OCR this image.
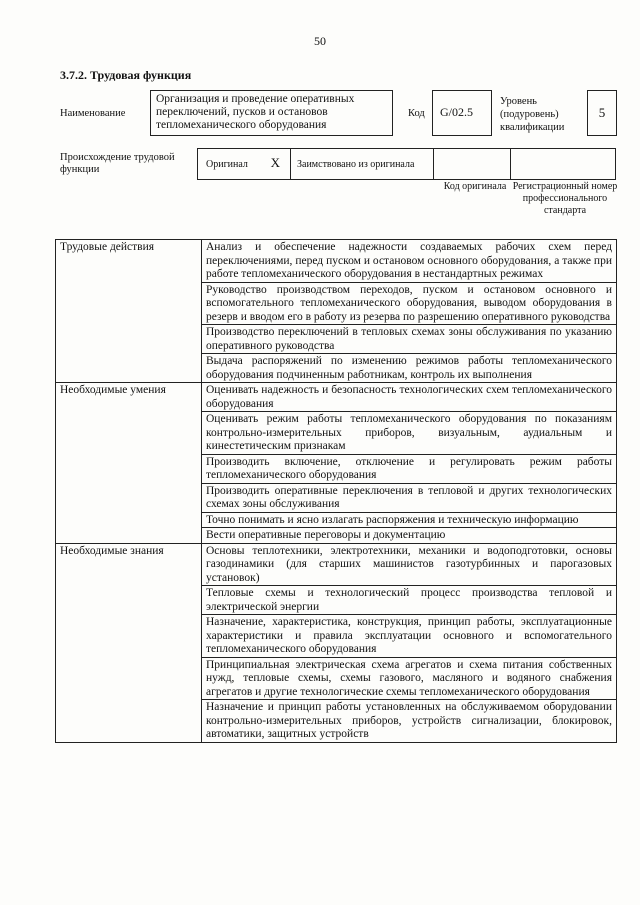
50
3.7.2. Трудовая функция
Наименование
Организация и проведение оперативных переключений, пусков и остановов тепломеханического оборудования
Код	G/02.5
Уровень (подуровень) квалификации
5
Происхождение трудовой функции	Оригинал X	Заимствовано из оригинала
Код оригинала Регистрационный номер профессионального стандарта
Трудовые действия	Анализ и обеспечение надежности создаваемых рабочих схем перед переключениями, перед пуском и остановом основного оборудования, а также при работе тепломеханического оборудования в нестандартных режимах
	Руководство производством переходов, пуском и остановом основного и вспомогательного тепломеханического оборудования, выводом оборудования в резерв и вводом его в работу из резерва по разрешению оперативного руководства
	Производство переключений в тепловых схемах зоны обслуживания по указанию оперативного руководства
	Выдача распоряжений по изменению режимов работы тепломеханического оборудования подчиненным работникам, контроль их выполнения
Необходимые умения	Оценивать надежность и безопасность технологических схем тепломеханического оборудования
	Оценивать режим работы тепломеханического оборудования по показаниям контрольно-измерительных приборов, визуальным, аудиальным и кинестетическим признакам
	Производить включение, отключение и регулировать режим работы тепломеханического оборудования
	Производить оперативные переключения в тепловой и других технологических схемах зоны обслуживания
	Точно понимать и ясно излагать распоряжения и техническую информацию
	Вести оперативные переговоры и документацию
Необходимые знания	Основы теплотехники, электротехники, механики и водоподготовки, основы газодинамики (для старших машинистов газотурбинных и парогазовых установок)
	Тепловые схемы и технологический процесс производства тепловой и электрической энергии
	Назначение, характеристика, конструкция, принцип работы, эксплуатационные характеристики и правила эксплуатации основного и вспомогательного тепломеханического оборудования
	Принципиальная электрическая схема агрегатов и схема питания собственных нужд, тепловые схемы, схемы газового, масляного и водяного снабжения агрегатов и другие технологические схемы тепломеханического оборудования
	Назначение и принцип работы установленных на обслуживаемом оборудовании контрольно-измерительных приборов, устройств сигнализации, блокировок, автоматики, защитных устройств
